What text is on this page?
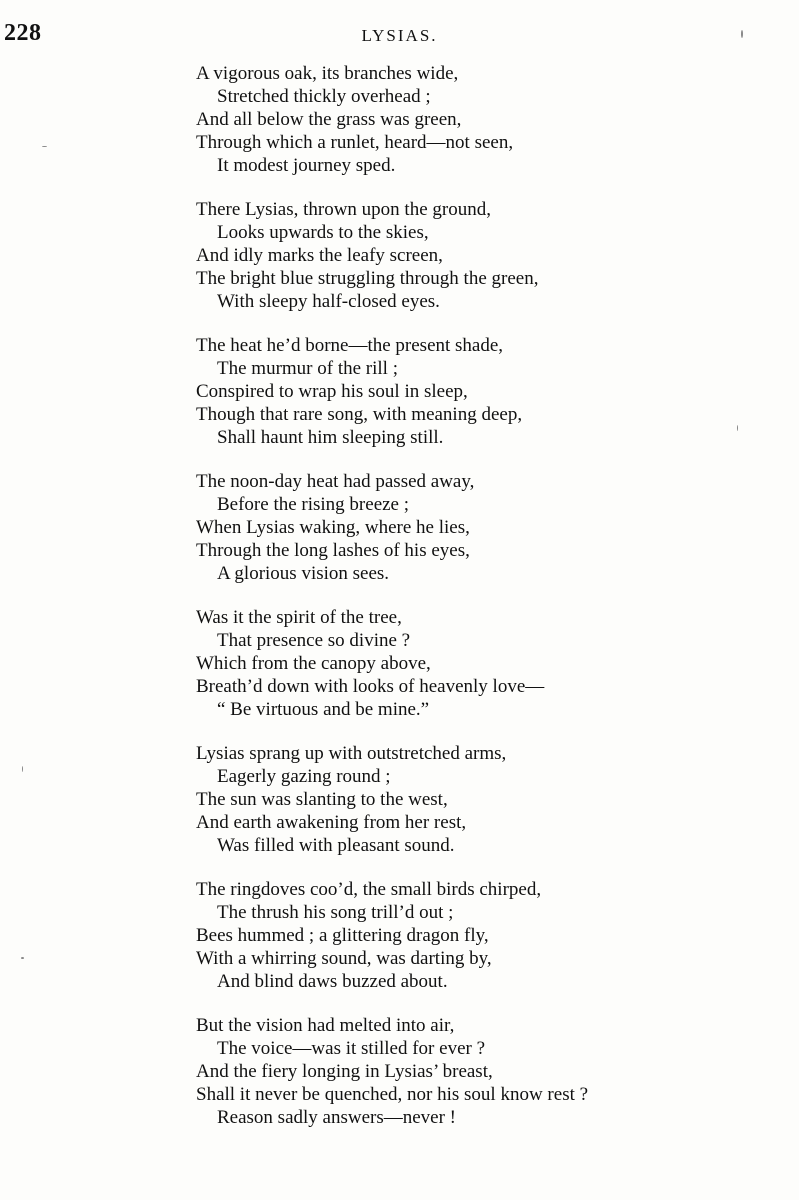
228	LYSIAS.
A vigorous oak, its branches wide,
Stretched thickly overhead ;
And all below the grass was green,
Through which a runlet, heard—not seen,
It modest journey sped.
There Lysias, thrown upon the ground,
Looks upwards to the skies,
And idly marks the leafy screen,
The bright blue struggling through the green,
With sleepy half-closed eyes.
The heat he’d borne—the present shade,
The murmur of the rill ;
Conspired to wrap his soul in sleep,
Though that rare song, with meaning deep,
Shall haunt him sleeping still.
The noon-day heat had passed away,
Before the rising breeze ;
When Lysias waking, where he lies,
Through the long lashes of his eyes,
A glorious vision sees.
Was it the spirit of the tree,
That presence so divine ?
Which from the canopy above,
Breath’d down with looks of heavenly love—
“ Be virtuous and be mine.”
Lysias sprang up with outstretched arms,
Eagerly gazing round ;
The sun was slanting to the west,
And earth awakening from her rest,
Was filled with pleasant sound.
The ringdoves coo’d, the small birds chirped,
The thrush his song trill’d out ;
Bees hummed ; a glittering dragon fly,
With a whirring sound, was darting by,
And blind daws buzzed about.
But the vision had melted into air,
The voice—was it stilled for ever ?
And the fiery longing in Lysias’ breast,
Shall it never be quenched, nor his soul know rest ?
Reason sadly answers—never !
